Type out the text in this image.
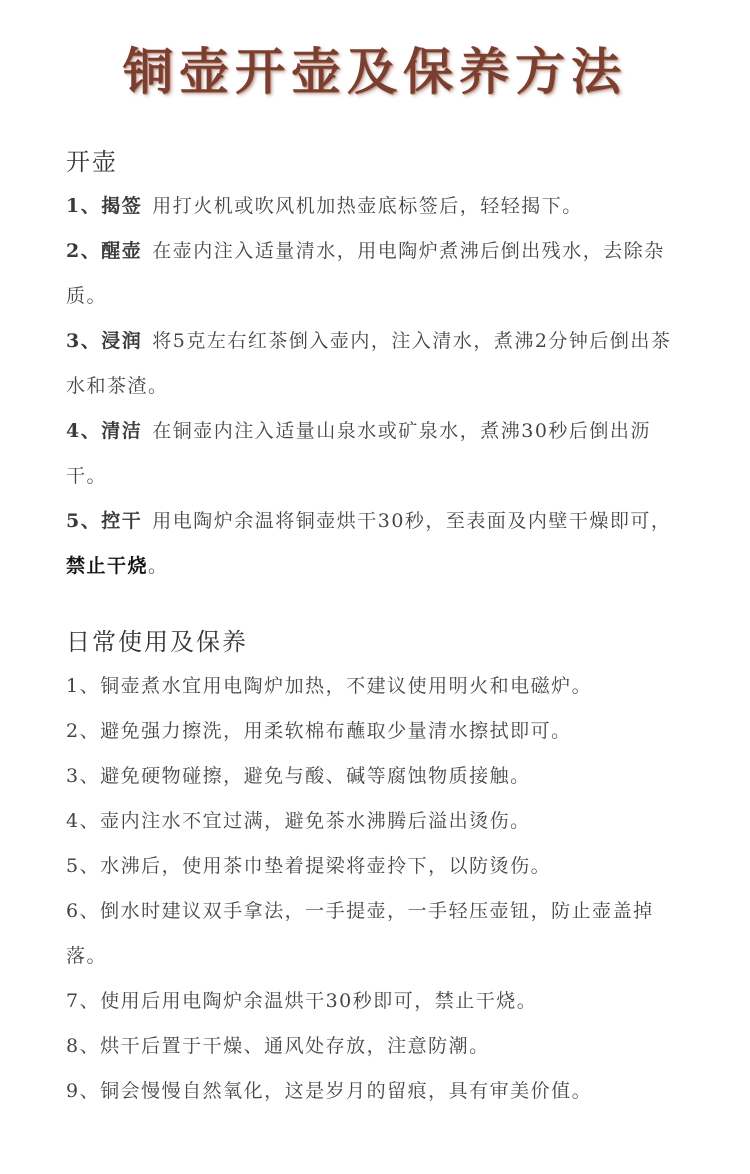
铜壶开壶及保养方法
开壶
1、揭签 用打火机或吹风机加热壶底标签后，轻轻揭下。
2、醒壶 在壶内注入适量清水，用电陶炉煮沸后倒出残水，去除杂质。
3、浸润 将5克左右红茶倒入壶内，注入清水，煮沸2分钟后倒出茶水和茶渣。
4、清洁 在铜壶内注入适量山泉水或矿泉水，煮沸30秒后倒出沥干。
5、控干 用电陶炉余温将铜壶烘干30秒，至表面及内壁干燥即可，禁止干烧。
日常使用及保养
1、铜壶煮水宜用电陶炉加热，不建议使用明火和电磁炉。
2、避免强力擦洗，用柔软棉布蘸取少量清水擦拭即可。
3、避免硬物碰擦，避免与酸、碱等腐蚀物质接触。
4、壶内注水不宜过满，避免茶水沸腾后溢出烫伤。
5、水沸后，使用茶巾垫着提梁将壶拎下，以防烫伤。
6、倒水时建议双手拿法，一手提壶，一手轻压壶钮，防止壶盖掉落。
7、使用后用电陶炉余温烘干30秒即可，禁止干烧。
8、烘干后置于干燥、通风处存放，注意防潮。
9、铜会慢慢自然氧化，这是岁月的留痕，具有审美价值。
